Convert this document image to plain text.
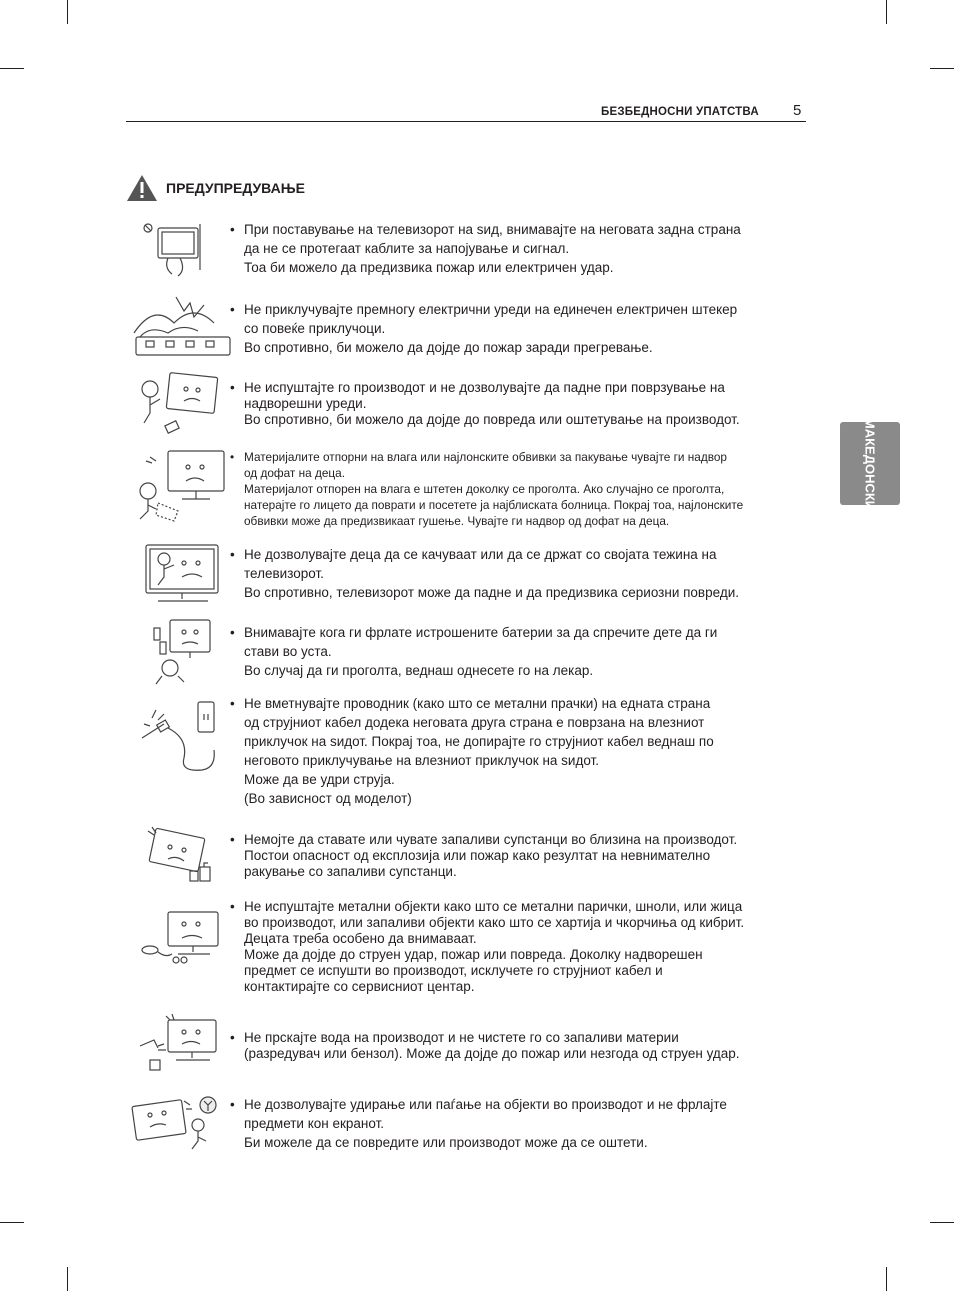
БЕЗБЕДНОСНИ УПАТСТВА 5
МАКЕДОНСКИ
ПРЕДУПРЕДУВАЊЕ
• При поставување на телевизорот на ѕид, внимавајте на неговата задна страна

да не се протегаат каблите за напојување и сигнал.

Тоа би можело да предизвика пожар или електричен удар.

• Не приклучувајте премногу електрични уреди на единечен електричен штекер

со повеќе приклучоци.

Во спротивно, би можело да дојде до пожар заради прегревање.

• Не испуштајте го производот и не дозволувајте да падне при поврзување на

надворешни уреди.

Во спротивно, би можело да дојде до повреда или оштетување на производот.

• Материјалите отпорни на влага или најлонските обвивки за пакување чувајте ги надвор

од дофат на деца.

Материјалот отпорен на влага е штетен доколку се проголта. Ако случајно се проголта,

натерајте го лицето да поврати и посетете ја најблиската болница. Покрај тоа, најлонските

обвивки може да предизвикаат гушење. Чувајте ги надвор од дофат на деца.

• Не дозволувајте деца да се качуваат или да се држат со својата тежина на

телевизорот.

Во спротивно, телевизорот може да падне и да предизвика сериозни повреди.

• Внимавајте кога ги фрлате истрошените батерии за да спречите дете да ги

стави во уста.

Во случај да ги проголта, веднаш однесете го на лекар.

• Не вметнувајте проводник (како што се метални прачки) на едната страна

од струјниот кабел додека неговата друга страна е поврзана на влезниот

приклучок на ѕидот. Покрај тоа, не допирајте го струјниот кабел веднаш по

неговото приклучување на влезниот приклучок на ѕидот.

Може да ве удри струја.

(Во зависност од моделот)

• Немојте да ставате или чувате запаливи супстанци во близина на производот.

Постои опасност од експлозија или пожар како резултат на невнимателно

ракување со запаливи супстанци.

• Не испуштајте метални објекти како што се метални парички, шноли, или жица

во производот, или запаливи објекти како што се хартија и чкорчиња од кибрит.

Децата треба особено да внимаваат.

Може да дојде до струен удар, пожар или повреда. Доколку надворешен

предмет се испушти во производот, исклучете го струјниот кабел и

контактирајте со сервисниот центар.

• Не прскајте вода на производот и не чистете го со запаливи материи

(разредувач или бензол). Може да дојде до пожар или незгода од струен удар.

• Не дозволувајте удирање или паѓање на објекти во производот и не фрлајте

предмети кон екранот.

Би можеле да се повредите или производот може да се оштети.
